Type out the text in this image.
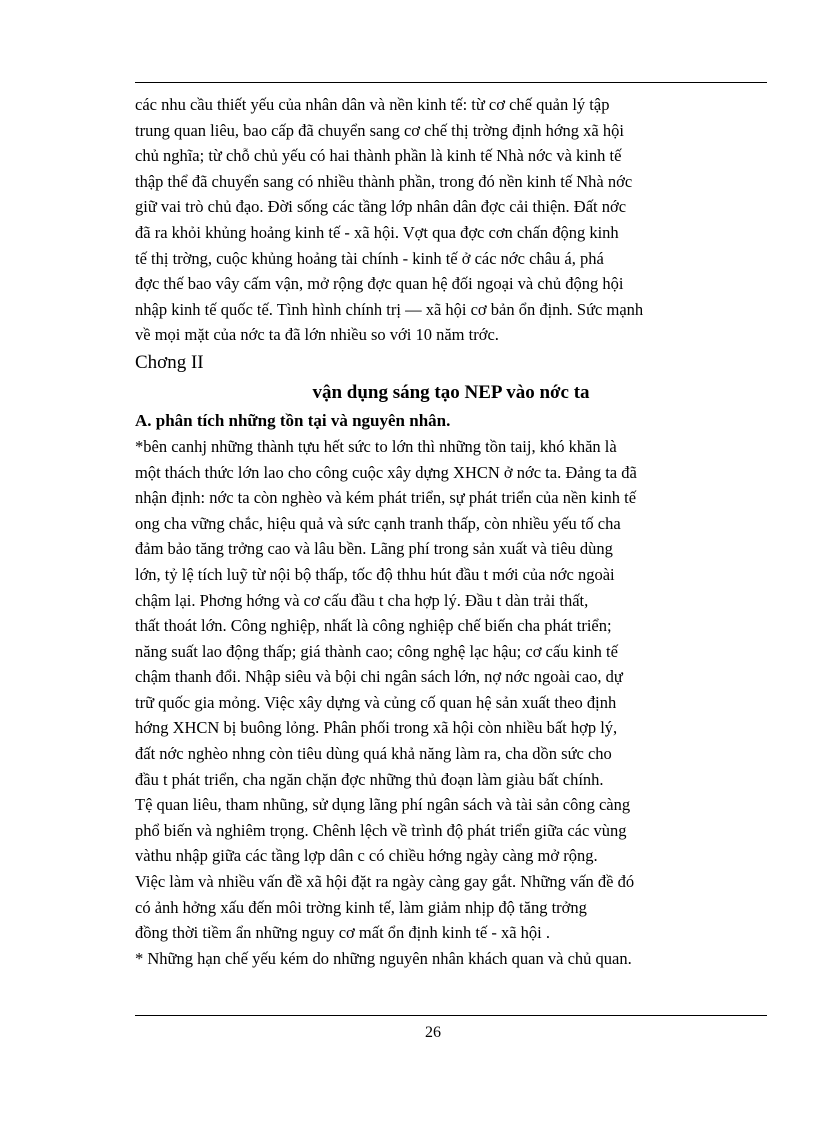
các nhu cầu thiết yếu của nhân dân và nền kinh tế: từ cơ chế quản lý tập

trung quan liêu, bao cấp đã chuyển sang cơ chế thị trờng định hớng xã hội

chủ nghĩa; từ chỗ chủ yếu có hai thành phần là kinh tế Nhà nớc và kinh tế

thập thể đã chuyển sang có nhiều thành phần, trong đó nền kinh tế Nhà nớc

giữ vai trò chủ đạo. Đời sống các tầng lớp nhân dân đợc cải thiện. Đất nớc

đã ra khỏi khủng hoảng kinh tế - xã hội. Vợt qua đợc cơn chấn động kinh

tế thị trờng, cuộc khủng hoảng tài chính - kinh tế ở các nớc châu á, phá

đợc thế bao vây cấm vận, mở rộng đợc quan hệ đối ngoại và chủ động hội

nhập kinh tế quốc tế. Tình hình chính trị — xã hội cơ bản ổn định. Sức mạnh

về mọi mặt của nớc ta đã lớn nhiều so với 10 năm trớc.

Chơng II

vận dụng sáng tạo NEP vào nớc ta

A. phân tích những tồn tại và nguyên nhân.

*bên canhj những thành tựu hết sức to lớn thì những tồn taij, khó khăn là

một thách thức lớn lao cho công cuộc xây dựng XHCN ở nớc ta. Đảng ta đã

nhận định: nớc ta còn nghèo và kém phát triển, sự phát triển của nền kinh tế

ong cha vững chắc, hiệu quả và sức cạnh tranh thấp, còn nhiều yếu tố cha

đảm bảo tăng trởng cao và lâu bền. Lãng phí trong sản xuất và tiêu dùng

lớn, tỷ lệ tích luỹ từ nội bộ thấp, tốc độ thhu hút đầu t mới của nớc ngoài

chậm lại. Phơng hớng và cơ cấu đầu t cha hợp lý. Đầu t dàn trải thất,

thất thoát lớn. Công nghiệp, nhất là công nghiệp chế biến cha phát triển;

năng suất lao động thấp; giá thành cao; công nghệ lạc hậu; cơ cấu kinh tế

chậm thanh đổi. Nhập siêu và bội chi ngân sách lớn, nợ nớc ngoài cao, dự

trữ quốc gia mỏng. Việc xây dựng và củng cố quan hệ sản xuất theo định

hớng XHCN bị buông lỏng. Phân phối trong xã hội còn nhiều bất hợp lý,

đất nớc nghèo nhng còn tiêu dùng quá khả năng làm ra, cha dồn sức cho

đầu t phát triển, cha ngăn chặn đợc những thủ đoạn làm giàu bất chính.

Tệ quan liêu, tham nhũng, sử dụng lãng phí ngân sách và tài sản công càng

phổ biến và nghiêm trọng. Chênh lệch về trình độ phát triển giữa các vùng

vàthu nhập giữa các tầng lợp dân c có chiều hớng ngày càng mở rộng.

Việc làm và nhiều vấn đề xã hội đặt ra ngày càng gay gắt. Những vấn đề đó

có ảnh hởng xấu đến môi trờng kinh tế, làm giảm nhịp độ tăng trởng

đồng thời tiềm ẩn những nguy cơ mất ổn định kinh tế - xã hội .

* Những hạn chế yếu kém do những nguyên nhân khách quan và chủ quan.

26
